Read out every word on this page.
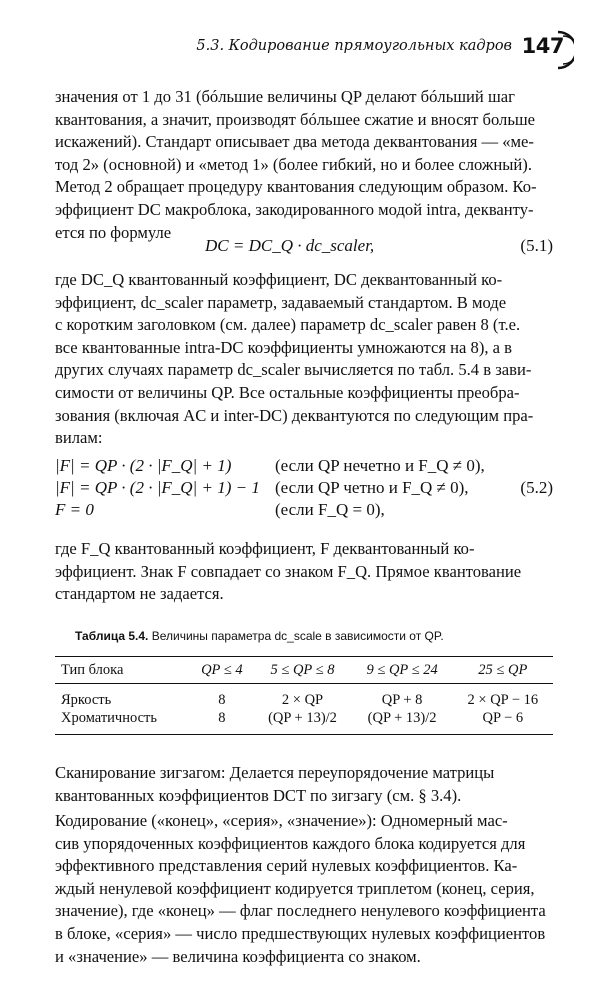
5.3. Кодирование прямоугольных кадров 147

значения от 1 до 31 (бóльшие величины QP делают бóльший шаг

квантования, а значит, производят бóльшее сжатие и вносят больше

искажений). Стандарт описывает два метода деквантования — «ме-

тод 2» (основной) и «метод 1» (более гибкий, но и более сложный).

Метод 2 обращает процедуру квантования следующим образом. Ко-

эффициент DC макроблока, закодированного модой intra, декванту-

ется по формуле

DC = DC_Q · dc_scaler,	(5.1)

где DC_Q квантованный коэффициент, DC деквантованный ко-

эффициент, dc_scaler параметр, задаваемый стандартом. В моде

с коротким заголовком (см. далее) параметр dc_scaler равен 8 (т.е.

все квантованные intra-DC коэффициенты умножаются на 8), а в

других случаях параметр dc_scaler вычисляется по табл. 5.4 в зави-

симости от величины QP. Все остальные коэффициенты преобра-

зования (включая AC и inter-DC) деквантуются по следующим пра-

вилам:

|F| = QP · (2 · |F_Q| + 1)	(если QP нечетно и F_Q ≠ 0),
|F| = QP · (2 · |F_Q| + 1) − 1 (если QP четно и F_Q ≠ 0),
F = 0	(если F_Q = 0),
(5.2)

где F_Q квантованный коэффициент, F деквантованный ко-

эффициент. Знак F совпадает со знаком F_Q. Прямое квантование

стандартом не задается.

Таблица 5.4. Величины параметра dc_scale в зависимости от QP.
Тип блока	QP ≤ 4	5 ≤ QP ≤ 8	9 ≤ QP ≤ 24	25 ≤ QP
Яркость	8	2 × QP	QP + 8	2 × QP − 16
Хроматичность	8	(QP + 13)/2	(QP + 13)/2	QP − 6

Сканирование зигзагом: Делается переупорядочение матрицы

квантованных коэффициентов DCT по зигзагу (см. § 3.4).

Кодирование («конец», «серия», «значение»): Одномерный мас-

сив упорядоченных коэффициентов каждого блока кодируется для

эффективного представления серий нулевых коэффициентов. Ка-

ждый ненулевой коэффициент кодируется триплетом (конец, серия,

значение), где «конец» — флаг последнего ненулевого коэффициента

в блоке, «серия» — число предшествующих нулевых коэффициентов

и «значение» — величина коэффициента со знаком.
